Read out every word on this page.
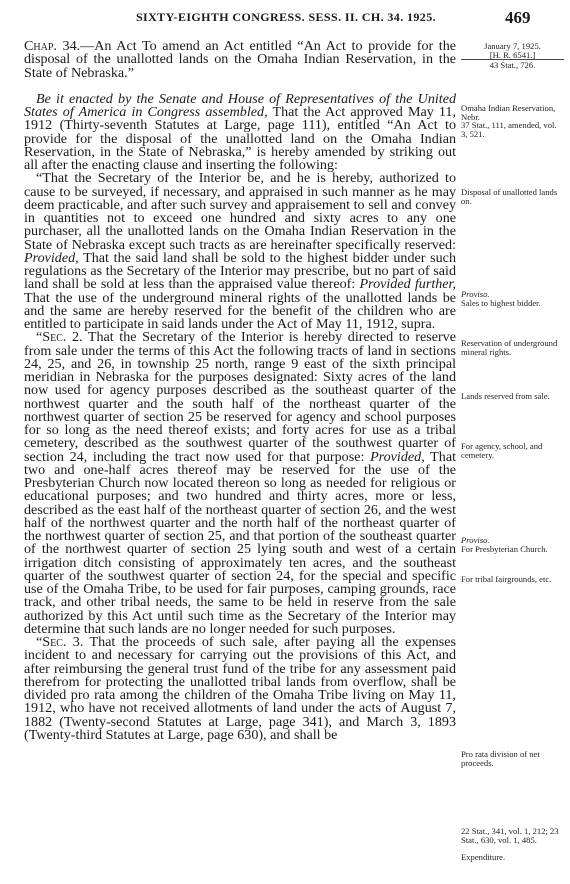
SIXTY-EIGHTH CONGRESS. SESS. II. CH. 34. 1925.	469

Chap. 34.—An Act To amend an Act entitled “An Act to provide for the disposal of the unallotted lands on the Omaha Indian Reservation, in the State of Nebraska.”

Be it enacted by the Senate and House of Representatives of the United States of America in Congress assembled, That the Act approved May 11, 1912 (Thirty-seventh Statutes at Large, page 111), entitled “An Act to provide for the disposal of the unallotted land on the Omaha Indian Reservation, in the State of Nebraska,” is hereby amended by striking out all after the enacting clause and inserting the following:

“That the Secretary of the Interior be, and he is hereby, authorized to cause to be surveyed, if necessary, and appraised in such manner as he may deem practicable, and after such survey and appraisement to sell and convey in quantities not to exceed one hundred and sixty acres to any one purchaser, all the unallotted lands on the Omaha Indian Reservation in the State of Nebraska except such tracts as are hereinafter specifically reserved: Provided, That the said land shall be sold to the highest bidder under such regulations as the Secretary of the Interior may prescribe, but no part of said land shall be sold at less than the appraised value thereof: Provided further, That the use of the underground mineral rights of the unallotted lands be and the same are hereby reserved for the benefit of the children who are entitled to participate in said lands under the Act of May 11, 1912, supra.

“Sec. 2. That the Secretary of the Interior is hereby directed to reserve from sale under the terms of this Act the following tracts of land in sections 24, 25, and 26, in township 25 north, range 9 east of the sixth principal meridian in Nebraska for the purposes designated: Sixty acres of the land now used for agency purposes described as the southeast quarter of the northwest quarter and the south half of the northeast quarter of the northwest quarter of section 25 be reserved for agency and school purposes for so long as the need thereof exists; and forty acres for use as a tribal cemetery, described as the southwest quarter of the southwest quarter of section 24, including the tract now used for that purpose: Provided, That two and one-half acres thereof may be reserved for the use of the Presbyterian Church now located thereon so long as needed for religious or educational purposes; and two hundred and thirty acres, more or less, described as the east half of the northeast quarter of section 26, and the west half of the northwest quarter and the north half of the northeast quarter of the northwest quarter of section 25, and that portion of the southeast quarter of the northwest quarter of section 25 lying south and west of a certain irrigation ditch consisting of approximately ten acres, and the southeast quarter of the southwest quarter of section 24, for the special and specific use of the Omaha Tribe, to be used for fair purposes, camping grounds, race track, and other tribal needs, the same to be held in reserve from the sale authorized by this Act until such time as the Secretary of the Interior may determine that such lands are no longer needed for such purposes.

“Sec. 3. That the proceeds of such sale, after paying all the expenses incident to and necessary for carrying out the provisions of this Act, and after reimbursing the general trust fund of the tribe for any assessment paid therefrom for protecting the unallotted tribal lands from overflow, shall be divided pro rata among the children of the Omaha Tribe living on May 11, 1912, who have not received allotments of land under the acts of August 7, 1882 (Twenty-second Statutes at Large, page 341), and March 3, 1893 (Twenty-third Statutes at Large, page 630), and shall be

January 7, 1925.
[H. R. 6541.]
43 Stat., 726.
Omaha Indian Reservation, Nebr.
37 Stat., 111, amended, vol. 3, 521.
Disposal of unallotted lands on.
Proviso.
Sales to highest bidder.
Reservation of underground mineral rights.
Lands reserved from sale.
For agency, school, and cemetery.
Proviso.
For Presbyterian Church.
For tribal fairgrounds, etc.
Pro rata division of net proceeds.
22 Stat., 341, vol. 1, 212; 23 Stat., 630, vol. 1, 485.
Expenditure.
